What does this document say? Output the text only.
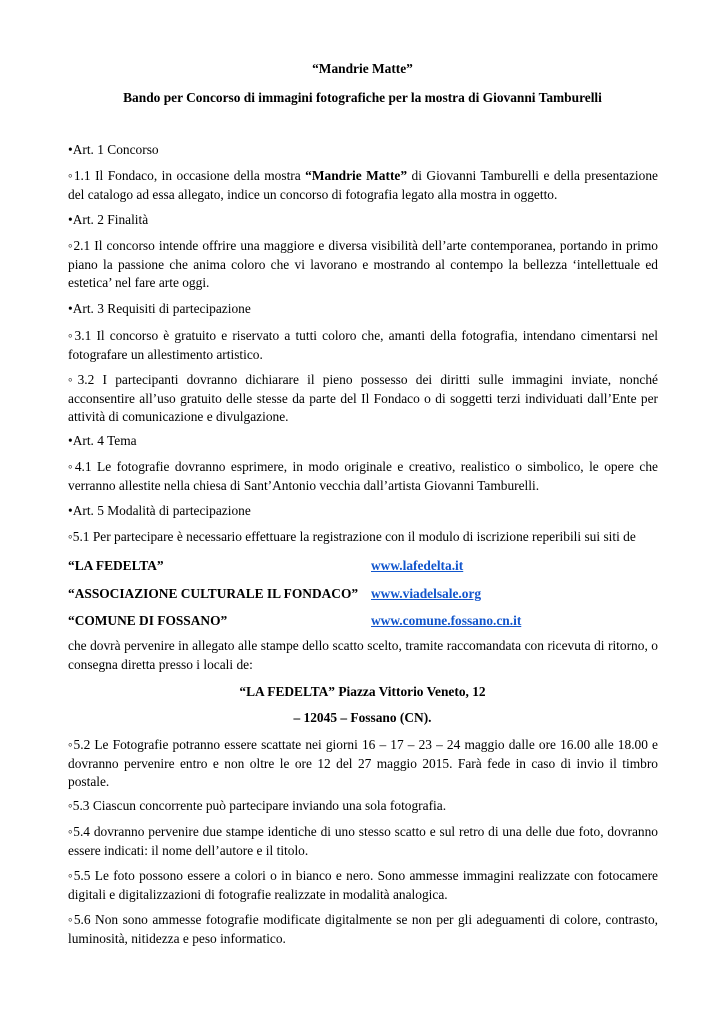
“Mandrie Matte”
Bando per Concorso di immagini fotografiche per la mostra di Giovanni Tamburelli
•Art. 1 Concorso
◦1.1 Il Fondaco, in occasione della mostra “Mandrie Matte” di Giovanni Tamburelli e della presentazione del catalogo ad essa allegato, indice un concorso di fotografia legato alla mostra in oggetto.
•Art. 2 Finalità
◦2.1 Il concorso intende offrire una maggiore e diversa visibilità dell’arte contemporanea, portando in primo piano la passione che anima coloro che vi lavorano e mostrando al contempo la bellezza ‘intellettuale ed estetica’ nel fare arte oggi.
•Art. 3 Requisiti di partecipazione
◦3.1 Il concorso è gratuito e riservato a tutti coloro che, amanti della fotografia, intendano cimentarsi nel fotografare un allestimento artistico.
◦3.2 I partecipanti dovranno dichiarare il pieno possesso dei diritti sulle immagini inviate, nonché acconsentire all’uso gratuito delle stesse da parte del Il Fondaco o di soggetti terzi individuati dall’Ente per attività di comunicazione e divulgazione.
•Art. 4 Tema
◦4.1 Le fotografie dovranno esprimere, in modo originale e creativo, realistico o simbolico, le opere che verranno allestite nella chiesa di Sant’Antonio vecchia dall’artista Giovanni Tamburelli.
•Art. 5 Modalità di partecipazione
◦5.1 Per partecipare è necessario effettuare la registrazione con il modulo di iscrizione reperibili sui siti de
“LA FEDELTA”	www.lafedelta.it
“ASSOCIAZIONE CULTURALE IL FONDACO” www.viadelsale.org
“COMUNE DI FOSSANO”	www.comune.fossano.cn.it
che dovrà pervenire in allegato alle stampe dello scatto scelto, tramite raccomandata con ricevuta di ritorno, o consegna diretta presso i locali de:
“LA FEDELTA” Piazza Vittorio Veneto, 12
– 12045 – Fossano (CN).
◦5.2 Le Fotografie potranno essere scattate nei giorni 16 – 17 – 23 – 24 maggio dalle ore 16.00 alle 18.00 e dovranno pervenire entro e non oltre le ore 12 del 27 maggio 2015. Farà fede in caso di invio il timbro postale.
◦5.3 Ciascun concorrente può partecipare inviando una sola fotografia.
◦5.4 dovranno pervenire due stampe identiche di uno stesso scatto e sul retro di una delle due foto, dovranno essere indicati: il nome dell’autore e il titolo.
◦5.5 Le foto possono essere a colori o in bianco e nero. Sono ammesse immagini realizzate con fotocamere digitali e digitalizzazioni di fotografie realizzate in modalità analogica.
◦5.6 Non sono ammesse fotografie modificate digitalmente se non per gli adeguamenti di colore, contrasto, luminosità, nitidezza e peso informatico.
